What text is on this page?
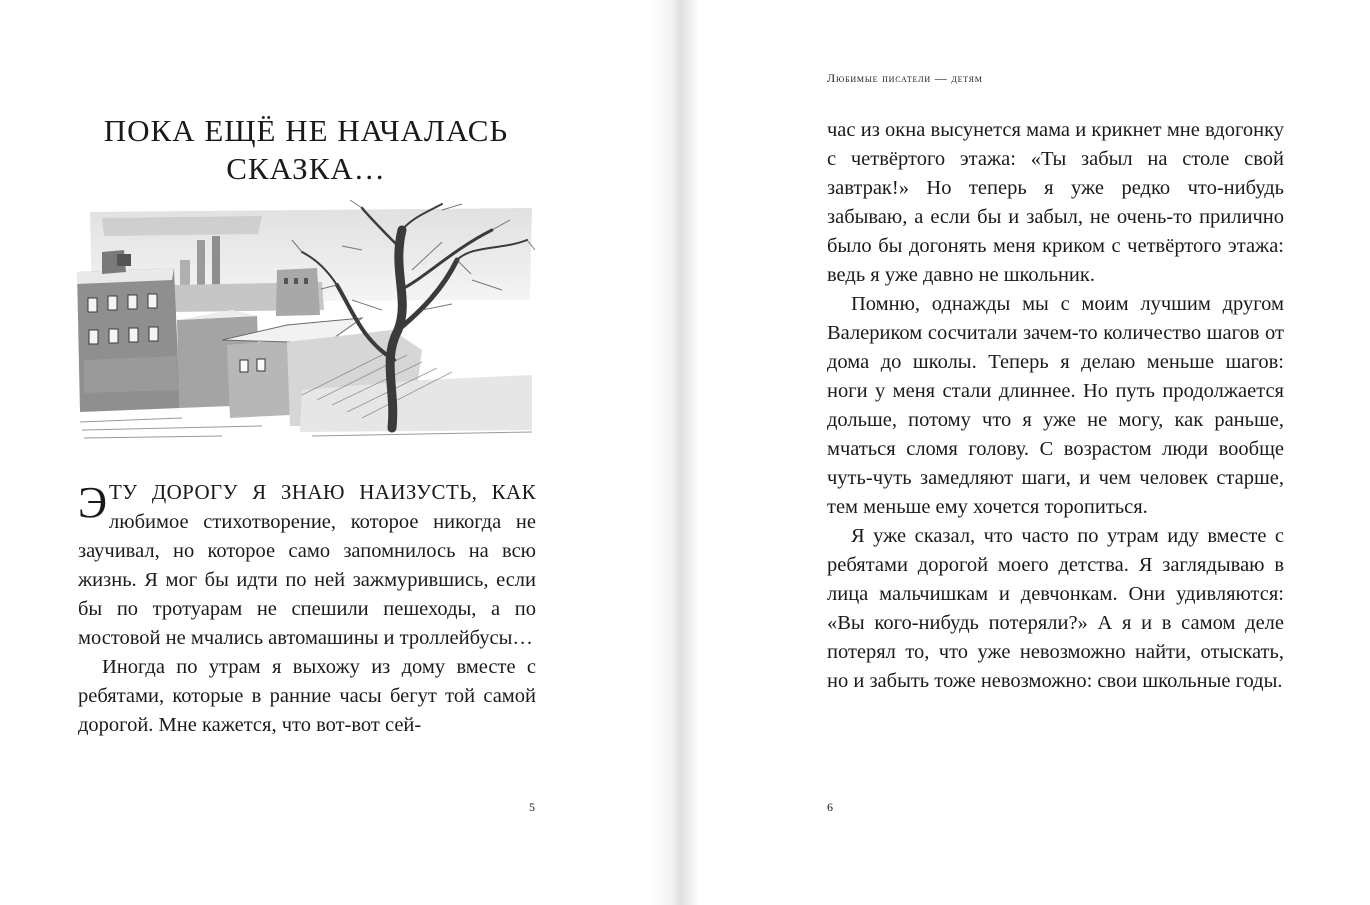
ПОКА ЕЩЁ НЕ НАЧАЛАСЬ
СКАЗКА…

ЭТУ ДОРОГУ Я ЗНАЮ НАИЗУСТЬ, КАК любимое стихотворение, которое никогда не заучивал, но которое само запомнилось на всю жизнь. Я мог бы идти по ней зажмурившись, если бы по тротуарам не спешили пешеходы, а по мостовой не мчались автомашины и троллейбусы…

Иногда по утрам я выхожу из дому вместе с ребятами, которые в ранние часы бегут той самой дорогой. Мне кажется, что вот-вот сей-

5
Любимые писатели — детям

час из окна высунется мама и крикнет мне вдогонку с четвёртого этажа: «Ты забыл на столе свой завтрак!» Но теперь я уже редко что-нибудь забываю, а если бы и забыл, не очень-то прилично было бы догонять меня криком с четвёртого этажа: ведь я уже давно не школьник.

Помню, однажды мы с моим лучшим другом Валериком сосчитали зачем-то количество шагов от дома до школы. Теперь я делаю меньше шагов: ноги у меня стали длиннее. Но путь продолжается дольше, потому что я уже не могу, как раньше, мчаться сломя голову. С возрастом люди вообще чуть-чуть замедляют шаги, и чем человек старше, тем меньше ему хочется торопиться.

Я уже сказал, что часто по утрам иду вместе с ребятами дорогой моего детства. Я заглядываю в лица мальчишкам и девчонкам. Они удивляются: «Вы кого-нибудь потеряли?» А я и в самом деле потерял то, что уже невозможно найти, отыскать, но и забыть тоже невозможно: свои школьные годы.

6
